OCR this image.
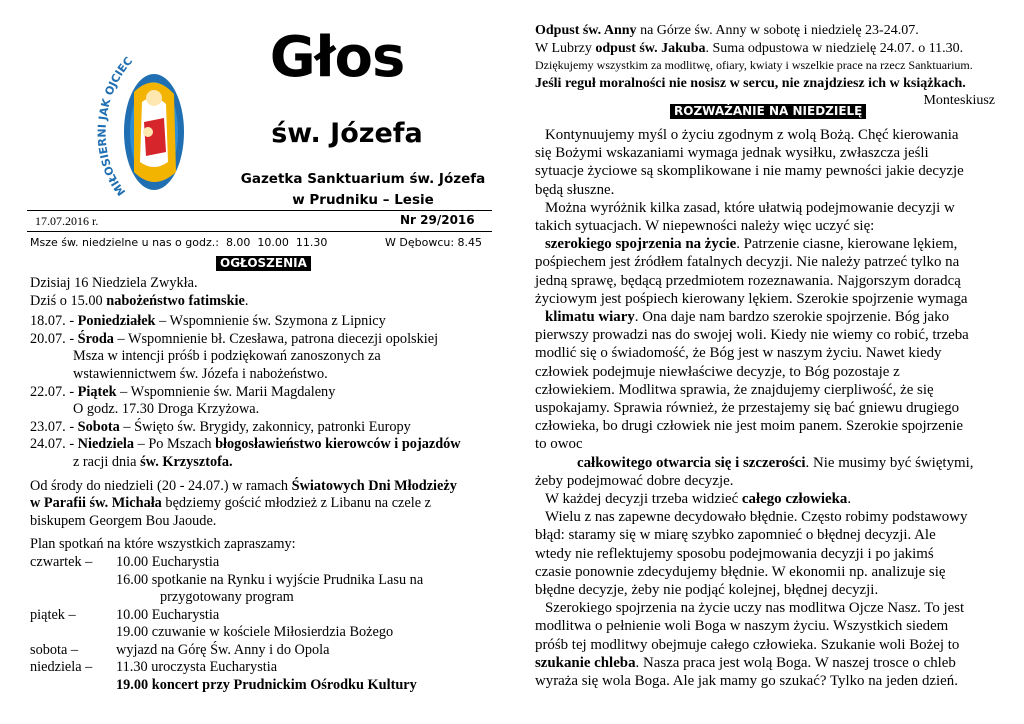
MIŁOSIERNI JAK OJCIEC Głos
św. Józefa
Gazetka Sanktuarium św. Józefa
w Prudniku – Lesie
17.07.2016 r.	Nr 29/2016
Msze św. niedzielne u nas o godz.:  8.00  10.00  11.30	W Dębowcu: 8.45
OGŁOSZENIA
Dzisiaj 16 Niedziela Zwykła.
Dziś o 15.00 nabożeństwo fatimskie.
18.07. - Poniedziałek – Wspomnienie św. Szymona z Lipnicy
20.07. - Środa – Wspomnienie bł. Czesława, patrona diecezji opolskiej
Msza w intencji próśb i podziękowań zanoszonych za
wstawiennictwem św. Józefa i nabożeństwo.
22.07. - Piątek – Wspomnienie św. Marii Magdaleny
O godz. 17.30 Droga Krzyżowa.
23.07. - Sobota – Święto św. Brygidy, zakonnicy, patronki Europy
24.07. - Niedziela – Po Mszach błogosławieństwo kierowców i pojazdów
z racji dnia św. Krzysztofa.
Od środy do niedzieli (20 - 24.07.) w ramach Światowych Dni Młodzieży
w Parafii św. Michała będziemy gościć młodzież z Libanu na czele z
biskupem Georgem Bou Jaoude.
Plan spotkań na które wszystkich zapraszamy:
czwartek – 10.00 Eucharystia
16.00 spotkanie na Rynku i wyjście Prudnika Lasu na
przygotowany program
piątek –	10.00 Eucharystia
19.00 czuwanie w kościele Miłosierdzia Bożego
sobota –	wyjazd na Górę Św. Anny i do Opola
niedziela – 11.30 uroczysta Eucharystia
19.00 koncert przy Prudnickim Ośrodku Kultury
Odpust św. Anny na Górze św. Anny w sobotę i niedzielę 23-24.07.
W Lubrzy odpust św. Jakuba. Suma odpustowa w niedzielę 24.07. o 11.30.
Dziękujemy wszystkim za modlitwę, ofiary, kwiaty i wszelkie prace na rzecz Sanktuarium.
Jeśli reguł moralności nie nosisz w sercu, nie znajdziesz ich w książkach.
Monteskiusz
ROZWAŻANIE NA NIEDZIELĘ
Kontynuujemy myśl o życiu zgodnym z wolą Bożą. Chęć kierowania
się Bożymi wskazaniami wymaga jednak wysiłku, zwłaszcza jeśli
sytuacje życiowe są skomplikowane i nie mamy pewności jakie decyzje
będą słuszne.
Można wyróżnik kilka zasad, które ułatwią podejmowanie decyzji w
takich sytuacjach. W niepewności należy więc uczyć się:
szerokiego spojrzenia na życie. Patrzenie ciasne, kierowane lękiem,
pośpiechem jest źródłem fatalnych decyzji. Nie należy patrzeć tylko na
jedną sprawę, będącą przedmiotem rozeznawania. Najgorszym doradcą
życiowym jest pośpiech kierowany lękiem. Szerokie spojrzenie wymaga
klimatu wiary. Ona daje nam bardzo szerokie spojrzenie. Bóg jako
pierwszy prowadzi nas do swojej woli. Kiedy nie wiemy co robić, trzeba
modlić się o świadomość, że Bóg jest w naszym życiu. Nawet kiedy
człowiek podejmuje niewłaściwe decyzje, to Bóg pozostaje z
człowiekiem. Modlitwa sprawia, że znajdujemy cierpliwość, że się
uspokajamy. Sprawia również, że przestajemy się bać gniewu drugiego
człowieka, bo drugi człowiek nie jest moim panem. Szerokie spojrzenie
to owoc
całkowitego otwarcia się i szczerości. Nie musimy być świętymi,
żeby podejmować dobre decyzje.
W każdej decyzji trzeba widzieć całego człowieka.
Wielu z nas zapewne decydowało błędnie. Często robimy podstawowy
błąd: staramy się w miarę szybko zapomnieć o błędnej decyzji. Ale
wtedy nie reflektujemy sposobu podejmowania decyzji i po jakimś
czasie ponownie zdecydujemy błędnie. W ekonomii np. analizuje się
błędne decyzje, żeby nie podjąć kolejnej, błędnej decyzji.
Szerokiego spojrzenia na życie uczy nas modlitwa Ojcze Nasz. To jest
modlitwa o pełnienie woli Boga w naszym życiu. Wszystkich siedem
próśb tej modlitwy obejmuje całego człowieka. Szukanie woli Bożej to
szukanie chleba. Nasza praca jest wolą Boga. W naszej trosce o chleb
wyraża się wola Boga. Ale jak mamy go szukać? Tylko na jeden dzień.
